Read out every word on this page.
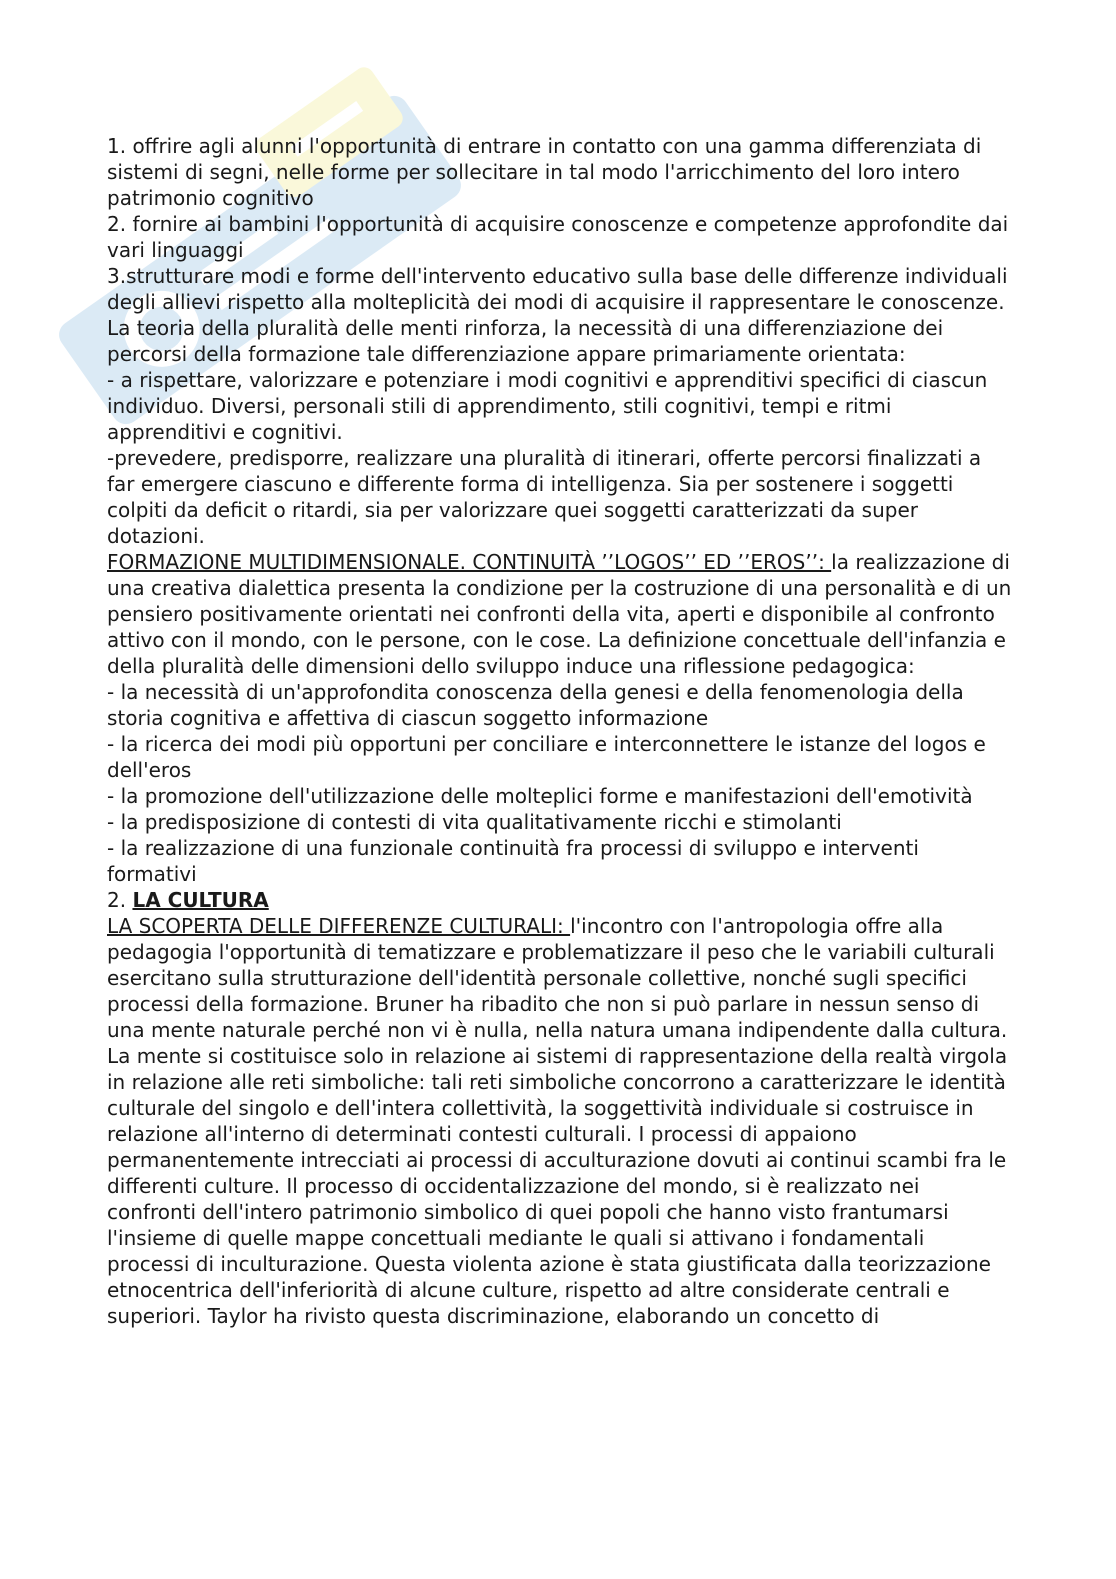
1. offrire agli alunni l'opportunità di entrare in contatto con una gamma differenziata di sistemi di segni, nelle forme per sollecitare in tal modo l'arricchimento del loro intero patrimonio cognitivo

2. fornire ai bambini l'opportunità di acquisire conoscenze e competenze approfondite dai vari linguaggi

3.strutturare modi e forme dell'intervento educativo sulla base delle differenze individuali degli allievi rispetto alla molteplicità dei modi di acquisire il rappresentare le conoscenze. La teoria della pluralità delle menti rinforza, la necessità di una differenziazione dei percorsi della formazione tale differenziazione appare primariamente orientata:

- a rispettare, valorizzare e potenziare i modi cognitivi e apprenditivi specifici di ciascun individuo. Diversi, personali stili di apprendimento, stili cognitivi, tempi e ritmi apprenditivi e cognitivi.

-prevedere, predisporre, realizzare una pluralità di itinerari, offerte percorsi finalizzati a far emergere ciascuno e differente forma di intelligenza. Sia per sostenere i soggetti colpiti da deficit o ritardi, sia per valorizzare quei soggetti caratterizzati da super dotazioni.

FORMAZIONE MULTIDIMENSIONALE. CONTINUITÀ ’’LOGOS’’ ED ’’EROS’’: la realizzazione di una creativa dialettica presenta la condizione per la costruzione di una personalità e di un pensiero positivamente orientati nei confronti della vita, aperti e disponibile al confronto attivo con il mondo, con le persone, con le cose. La definizione concettuale dell'infanzia e della pluralità delle dimensioni dello sviluppo induce una riflessione pedagogica:

- la necessità di un'approfondita conoscenza della genesi e della fenomenologia della storia cognitiva e affettiva di ciascun soggetto informazione

- la ricerca dei modi più opportuni per conciliare e interconnettere le istanze del logos e dell'eros

- la promozione dell'utilizzazione delle molteplici forme e manifestazioni dell'emotività

- la predisposizione di contesti di vita qualitativamente ricchi e stimolanti

- la realizzazione di una funzionale continuità fra processi di sviluppo e interventi formativi

2. LA CULTURA

LA SCOPERTA DELLE DIFFERENZE CULTURALI: l'incontro con l'antropologia offre alla pedagogia l'opportunità di tematizzare e problematizzare il peso che le variabili culturali esercitano sulla strutturazione dell'identità personale collettive, nonché sugli specifici processi della formazione. Bruner ha ribadito che non si può parlare in nessun senso di una mente naturale perché non vi è nulla, nella natura umana indipendente dalla cultura. La mente si costituisce solo in relazione ai sistemi di rappresentazione della realtà virgola in relazione alle reti simboliche: tali reti simboliche concorrono a caratterizzare le identità culturale del singolo e dell'intera collettività, la soggettività individuale si costruisce in relazione all'interno di determinati contesti culturali. I processi di appaiono permanentemente intrecciati ai processi di acculturazione dovuti ai continui scambi fra le differenti culture. Il processo di occidentalizzazione del mondo, si è realizzato nei confronti dell'intero patrimonio simbolico di quei popoli che hanno visto frantumarsi l'insieme di quelle mappe concettuali mediante le quali si attivano i fondamentali processi di inculturazione. Questa violenta azione è stata giustificata dalla teorizzazione etnocentrica dell'inferiorità di alcune culture, rispetto ad altre considerate centrali e superiori. Taylor ha rivisto questa discriminazione, elaborando un concetto di
